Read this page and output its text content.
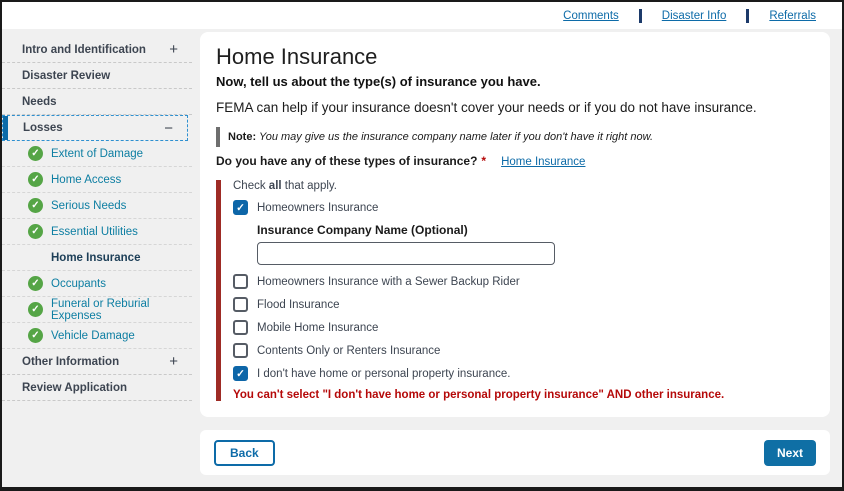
Comments	Disaster Info	Referrals
Intro and Identification	+
Disaster Review
Needs
Losses	−
✓ Extent of Damage
✓ Home Access
✓ Serious Needs
✓ Essential Utilities
Home Insurance
✓ Occupants
✓ Funeral or Reburial Expenses
✓ Vehicle Damage
Other Information	+
Review Application
Home Insurance
Now, tell us about the type(s) of insurance you have.
FEMA can help if your insurance doesn't cover your needs or if you do not have insurance.
Note: You may give us the insurance company name later if you don't have it right now.
Do you have any of these types of insurance? * Home Insurance
Check all that apply.
✓ Homeowners Insurance
Insurance Company Name (Optional)
Homeowners Insurance with a Sewer Backup Rider
Flood Insurance
Mobile Home Insurance
Contents Only or Renters Insurance
✓ I don't have home or personal property insurance.
You can't select "I don't have home or personal property insurance" AND other insurance.
Back	Next
